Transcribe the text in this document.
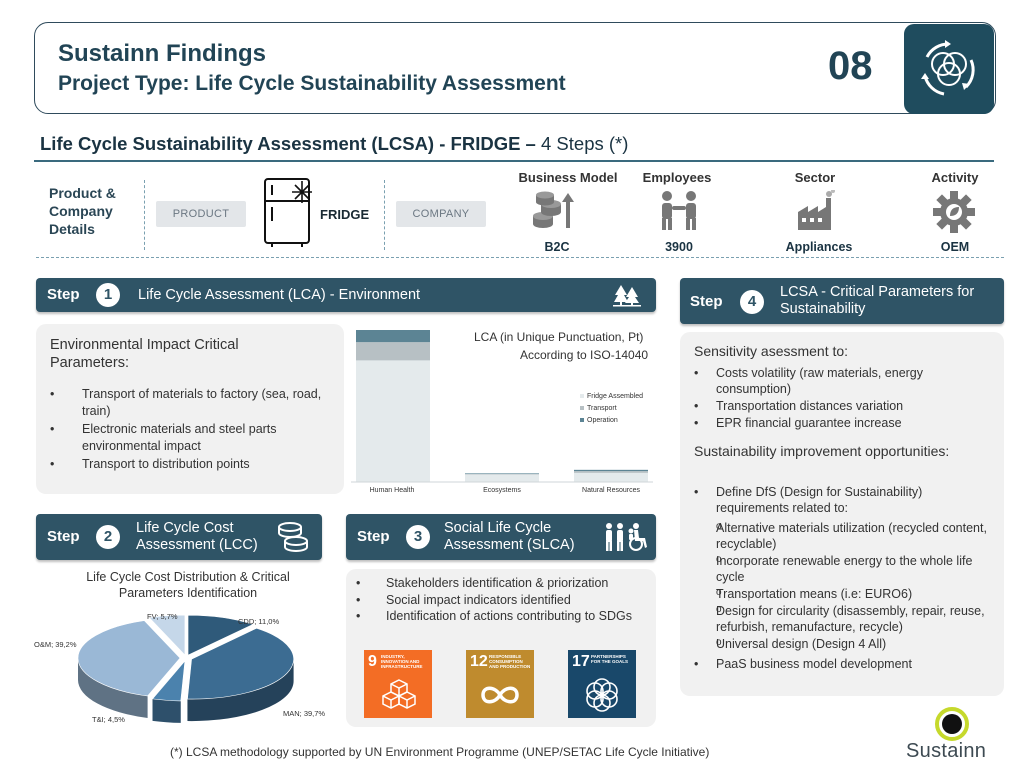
Sustainn Findings
Project Type: Life Cycle Sustainability Assessment	08
Life Cycle Sustainability Assessment (LCSA) - FRIDGE – 4 Steps (*)
Product &
Company
Details
PRODUCT	FRIDGE	COMPANY
Business Model
B2C
Employees
3900
Sector
Appliances
Activity
OEM
Step	1	Life Cycle Assessment (LCA) - Environment
Environmental Impact Critical Parameters:
• Transport of materials to factory (sea, road, train)
• Electronic materials and steel parts environmental impact
• Transport to distribution points
LCA (in Unique Punctuation, Pt)
According to ISO-14040
Fridge Assembled
Transport
Operation
Human Health	Ecosystems	Natural Resources
Step	2	Life Cycle Cost
Assessment (LCC)
Life Cycle Cost Distribution & Critical
Parameters Identification
CDD; 11,0%
MAN; 39,7%
T&I; 4,5%
O&M; 39,2%
FV; 5,7%
Step	3	Social Life Cycle
Assessment (SLCA)
• Stakeholders identification & priorization
• Social impact indicators identified
• Identification of actions contributing to SDGs
9 INDUSTRY, INNOVATION AND INFRASTRUCTURE	12 RESPONSIBLE CONSUMPTION AND PRODUCTION	17 PARTNERSHIPS FOR THE GOALS
Step	4
LCSA - Critical Parameters for
Sustainability
Sensitivity asessment to:
• Costs volatility (raw materials, energy consumption)
• Transportation distances variation
• EPR financial guarantee increase
Sustainability improvement opportunities:
• Define DfS (Design for Sustainability) requirements related to:
o Alternative materials utilization (recycled content, recyclable)
o Incorporate renewable energy to the whole life cycle
o Transportation means (i.e: EURO6)
o Design for circularity (disassembly, repair, reuse, refurbish, remanufacture, recycle)
o Universal design (Design 4 All)
• PaaS business model development
(*) LCSA methodology supported by UN Environment Programme (UNEP/SETAC Life Cycle Initiative)	Sustainn
